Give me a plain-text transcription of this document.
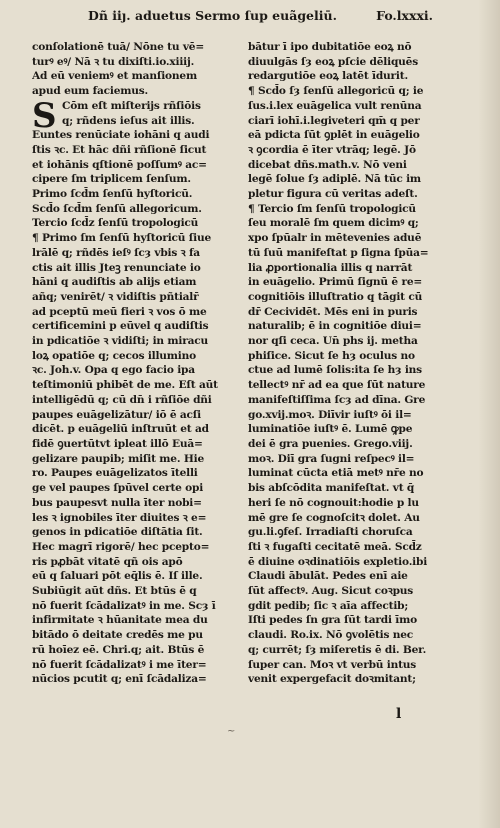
Dñ iiȷ. aduetus Sermo ſup euãgeliū.	Fo.lxxxi.
conſolationē tuā/ Nōne tu vē=
turꝰ eꝰ/ Nā ꝛ tu dixiſti.io.xiiij.
Ad eū veniemꝰ et manſionem
apud eum faciemus.
S Cōm eſt miſterijs rñſiōis
q; rñdens ieſus ait illis.
Euntes renūciate iohāni q audi
ſtis ꝛc. Et hāc dñi rñſionē ſicut
et iohānis qſtionē poſſumꝰ ac=
cipere ſm triplicem ſenſum.
Primo ſcd̄m ſenſū hyſtoricū.
Scd̄o ſcd̄m ſenſū allegoricum.
Tercio ſcd̄z ſenſū tropologicū
¶ Primo ſm ſenſū hyſtoricū ſiue
lrālē q; rñdēs ieſꝰ ſcȝ vbis ꝛ fa
ctis ait illis Jteꝫ renunciate io
hāni q audiſtis ab alijs etiam
añq; venirēt/ ꝛ vidiſtis pñtialr̄
ad pceptū meū fieri ꝛ vos ō me
certificemini p eūvel q audiſtis
in pdicatiōe ꝛ vidiſti; in miracu
loꝝ opatiōe q; cecos illumino
ꝛc. Joh.v. Opa q ego facio ipa
teſtimoniū phibēt de me. Eſt aūt
intelligēdū q; cū dn̄ i rñſiōe dñi
paupes euāgelizātur/ iō ē acſi
dicēt. p euāgeliū inſtruūt et ad
fidē ꝯuertūtvt ipleat illō Euā=
gelizare paupib; miſit me. Hie
ro. Paupes euāgelizatos ītelli
ge vel paupes ſpūvel certe opi
bus paupesvt nulla īter nobi=
les ꝛ ignobiles īter diuites ꝛ e=
genos in pdicatiōe diſtātia ſit.
Hec magrī rigorē/ hec pcepto=
ris pꝓbāt vitatē qñ ois apō
eū q ſaluari pōt eq̄lis ē. Iſ ille.
Subiūgit aūt dñs. Et btūs ē q
nō fuerit ſcādalizatꝰ in me. Scȝ ī
infirmitate ꝛ hūanitate mea du
bitādo ō deitate credēs me pu
rū hoīez eē. Chri.q; ait. Btūs ē
nō fuerit ſcādalizatꝰ i me īter=
nūcios pcutit q; enī ſcādaliza=
bātur ī ipo dubitatiōe eoꝝ nō
diuulgās ſȝ eoꝝ pſcie dēliquēs
redargutiōe eoꝝ latēt īdurit.
¶ Scd̄o ſȝ ſenſū allegoricū q; ie
ſus.i.lex euāgelica vult renūna
ciarī iohī.i.legiveteri qm̄ q per
eā pdicta ſūt ꝯplēt in euāgelio
ꝛ ꝯcordia ē īter vtrāq; legē. Jō
dicebat dñs.math.v. Nō veni
legē ſolue ſȝ adiplē. Nā tūc im
pletur figura cū veritas adeſt.
¶ Tercio ſm ſenſū tropologicū
ſeu moralē ſm quem dicimꝰ q;
xpo ſpūalr in mētevenies aduē
tū ſuū manifeſtat p ſigna ſpūa=
lia ꝓportionalia illis q narrāt
in euāgelio. Primū ſignū ē re=
cognitiōis illuſtratio q tāgit cū
dr̄ Cecividēt. Mēs eni in puris
naturalib; ē in cognitiōe diui=
nor qſi ceca. Un̄ phs ij. metha
phiſice. Sicut ſe hȝ oculus no
ctue ad lumē ſolis:ita ſe hȝ ins
tellectꝰ nr̄ ad ea que ſūt nature
manifeſtiſſima ſcȝ ad dīna. Gre
go.xvij.moꝛ. Diīvir iuſtꝰ ōi il=
luminatiōe iuſtꝰ ē. Lumē ꝙpe
dei ē gra puenies. Grego.viij.
moꝛ. Diī gra ſugni reſpecꝰ il=
luminat cūcta etiā metꝰ nr̄e no
bis abſcōdita manifeſtat. vt q̄
heri ſe nō cognouit:hodie p lu
mē gre ſe cognoſcitꝛ dolet. Au
gu.li.ꝯfeſ. Irradiaſti choruſca
ſti ꝛ fugaſti cecitatē meā. Scd̄z
ē diuine oꝛdinatiōis expletio.ibi
Claudi ābulāt. Pedes enī aie
ſūt affectꝰ. Aug. Sicut coꝛpus
gdit pedib; ſic ꝛ aīa affectib;
Iſti pedes ſn gra ſūt tardi īmo
claudi. Ro.ix. Nō ꝯvolētis nec
q; currēt; ſȝ miſeretis ē di. Ber.
ſuper can. Moꝛ vt verbū intus
venit expergefacit doꝛmitant;
~
l
